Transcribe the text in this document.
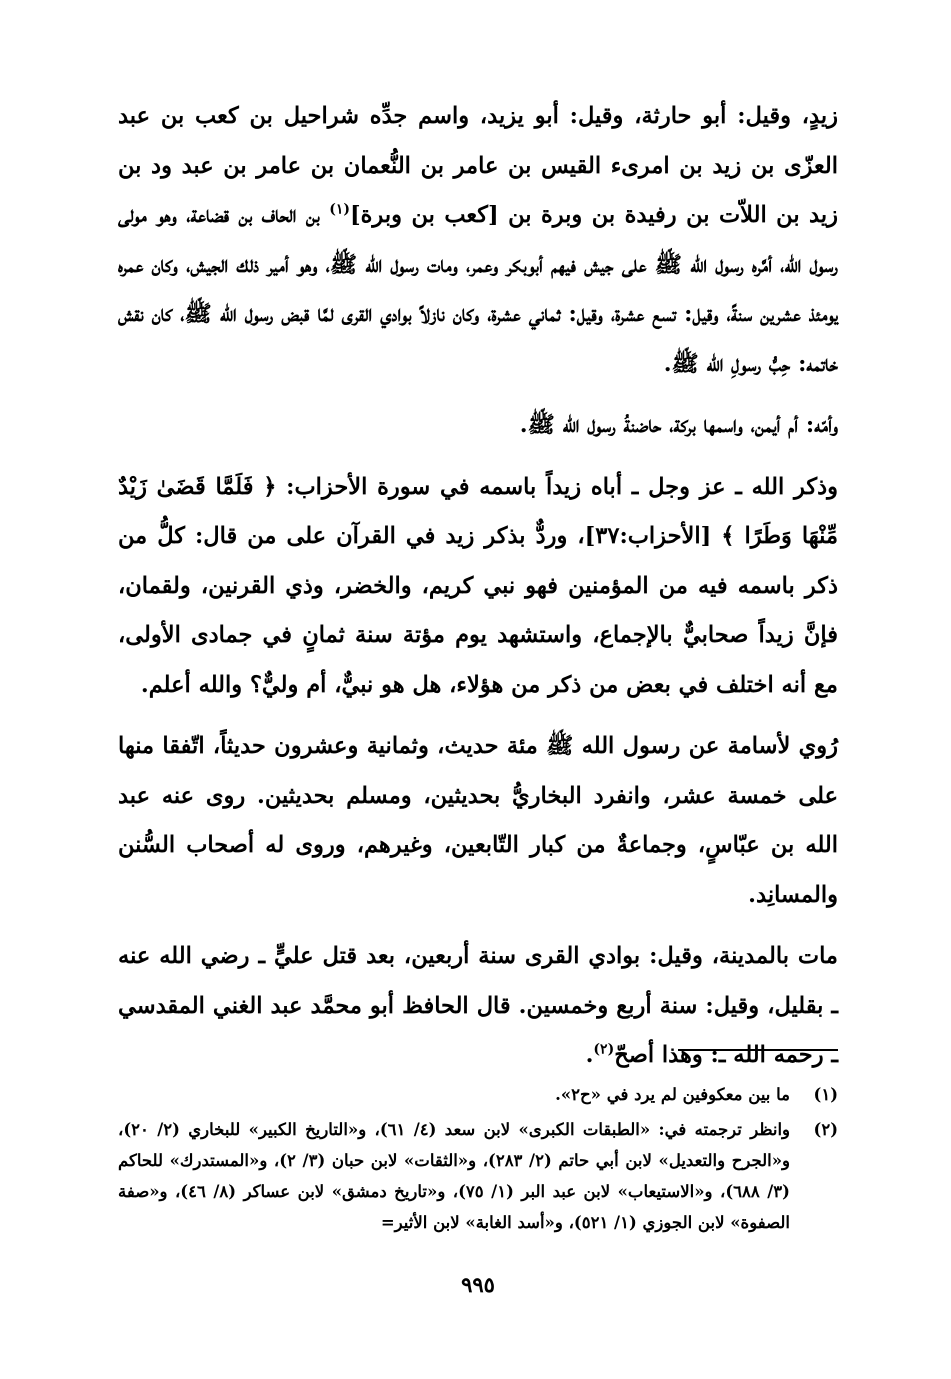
زيدٍ، وقيل: أبو حارثة، وقيل: أبو يزيد، واسم جدِّه شراحيل بن كعب بن عبد العزّى بن زيد بن امرىء القيس بن عامر بن النُّعمان بن عامر بن عبد ود بن زيد بن اللاّت بن رفيدة بن وبرة بن [كعب بن وبرة]$^{(١)}$ بن الحاف بن قضاعة، وهو مولى رسول الله، أمَّره رسول الله ﷺ على جيش فيهم أبوبكر وعمر، ومات رسول الله ﷺ، وهو أمير ذلك الجيش، وكان عمره يومئذ عشرين سنةً، وقيل: تسع عشرة، وقيل: ثماني عشرة، وكان نازلاً بوادي القرى لمَّا قبض رسول الله ﷺ، كان نقش خاتمه: حِبُّ رسولِ الله ﷺ.

وأمّه: أم أيمن، واسمها بركة، حاضنةُ رسول الله ﷺ.

وذكر الله ـ عز وجل ـ أباه زيداً باسمه في سورة الأحزاب: ﴿ فَلَمَّا قَضَىٰ زَيْدٌ مِّنْهَا وَطَرًا ﴾ [الأحزاب:٣٧]، وردٌّ بذكر زيد في القرآن على من قال: كلُّ من ذكر باسمه فيه من المؤمنين فهو نبي كريم، والخضر، وذي القرنين، ولقمان، فإنَّ زيداً صحابيٌّ بالإجماع، واستشهد يوم مؤتة سنة ثمانٍ في جمادى الأولى، مع أنه اختلف في بعض من ذكر من هؤلاء، هل هو نبيٌّ، أم وليٌّ؟ والله أعلم.

رُوي لأسامة عن رسول الله ﷺ مئة حديث، وثمانية وعشرون حديثاً، اتّفقا منها على خمسة عشر، وانفرد البخاريُّ بحديثين، ومسلم بحديثين. روى عنه عبد الله بن عبّاسٍ، وجماعةٌ من كبار التّابعين، وغيرهم، وروى له أصحاب السُّنن والمسانِد.

مات بالمدينة، وقيل: بوادي القرى سنة أربعين، بعد قتل عليٍّ ـ رضي الله عنه ـ بقليل، وقيل: سنة أربع وخمسين. قال الحافظ أبو محمَّد عبد الغني المقدسي ـ رحمه الله ـ: وهذا أصحّ$^{(٢)}$.

(١)
ما بين معكوفين لم يرد في «ح٢».
(٢)
وانظر ترجمته في: «الطبقات الكبرى» لابن سعد (٤/ ٦١)، و«التاريخ الكبير» للبخاري (٢/ ٢٠)، و«الجرح والتعديل» لابن أبي حاتم (٢/ ٢٨٣)، و«الثقات» لابن حبان (٣/ ٢)، و«المستدرك» للحاكم (٣/ ٦٨٨)، و«الاستيعاب» لابن عبد البر (١/ ٧٥)، و«تاريخ دمشق» لابن عساكر (٨/ ٤٦)، و«صفة الصفوة» لابن الجوزي (١/ ٥٢١)، و«أسد الغابة» لابن الأثير=
٩٩٥
